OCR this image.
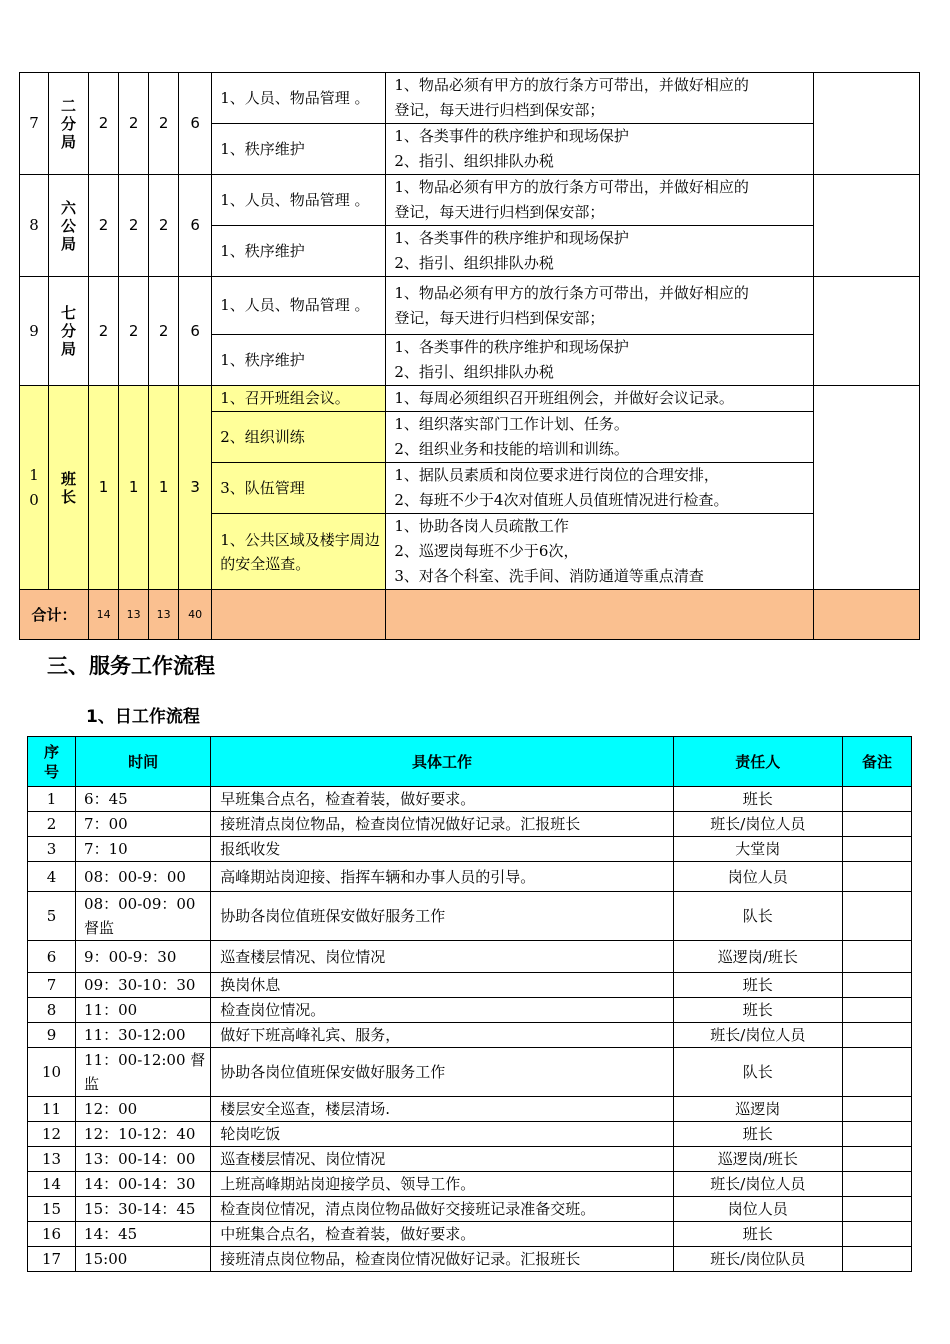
7	二分局	2	2	2	6	1、人员、物品管理 。	1、物品必须有甲方的放行条方可带出，并做好相应的
登记，每天进行归档到保安部；	

						1、秩序维护	1、各类事件的秩序维护和现场保护
2、指引、组织排队办税	

8	六公局	2	2	2	6	1、人员、物品管理 。	1、物品必须有甲方的放行条方可带出，并做好相应的
登记，每天进行归档到保安部；	

						1、秩序维护	1、各类事件的秩序维护和现场保护
2、指引、组织排队办税	

9	七分局	2	2	2	6	1、人员、物品管理 。	1、物品必须有甲方的放行条方可带出，并做好相应的
登记，每天进行归档到保安部；	

						1、秩序维护	1、各类事件的秩序维护和现场保护
2、指引、组织排队办税	

10	班长	1	1	1	3	1、召开班组会议。	1、每周必须组织召开班组例会，并做好会议记录。	

						2、组织训练	1、组织落实部门工作计划、任务。
2、组织业务和技能的培训和训练。	

						3、队伍管理	1、据队员素质和岗位要求进行岗位的合理安排，
2、每班不少于4次对值班人员值班情况进行检查。	

						1、公共区域及楼宇周边的安全巡查。	1、协助各岗人员疏散工作
2、巡逻岗每班不少于6次，
3、对各个科室、洗手间、消防通道等重点清查	

合计：		14	13	13	40			
三、服务工作流程
1、日工作流程
序号	时间	具体工作	责任人	备注
1	6：45	早班集合点名，检查着装，做好要求。	班长	
2	7：00	接班清点岗位物品，检查岗位情况做好记录。汇报班长	班长/岗位人员	
3	7：10	报纸收发	大堂岗	
4	08：00-9：00	高峰期站岗迎接、指挥车辆和办事人员的引导。	岗位人员	
5	08：00-09：00 督监	协助各岗位值班保安做好服务工作	队长	
6	9：00-9：30	巡查楼层情况、岗位情况	巡逻岗/班长	
7	09：30-10：30	换岗休息	班长	
8	11：00	检查岗位情况。	班长	
9	11：30-12:00	做好下班高峰礼宾、服务，	班长/岗位人员	
10	11：00-12:00 督监	协助各岗位值班保安做好服务工作	队长	
11	12：00	楼层安全巡查，楼层清场.	巡逻岗	
12	12：10-12：40	轮岗吃饭	班长	
13	13：00-14：00	巡查楼层情况、岗位情况	巡逻岗/班长	
14	14：00-14：30	上班高峰期站岗迎接学员、领导工作。	班长/岗位人员	
15	15：30-14：45	检查岗位情况，清点岗位物品做好交接班记录准备交班。	岗位人员	
16	14：45	中班集合点名，检查着装，做好要求。	班长	
17	15:00	接班清点岗位物品，检查岗位情况做好记录。汇报班长	班长/岗位队员	
